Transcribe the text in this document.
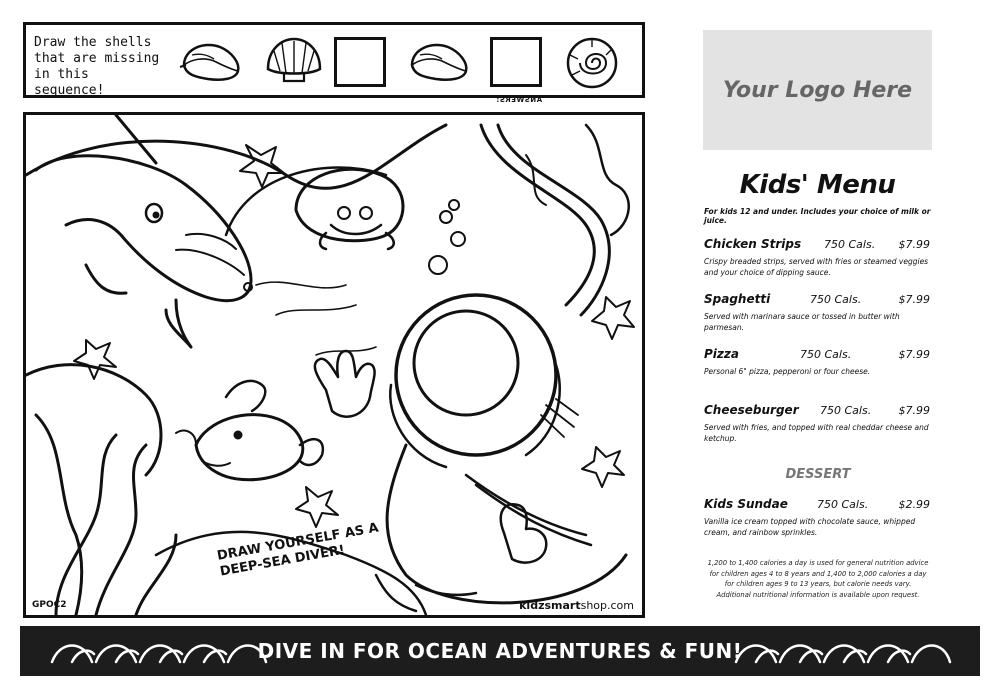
Draw the shells
that are missing
in this sequence!
ANSWERS:
DRAW YOURSELF AS A
DEEP-SEA DIVER!
GPOC2	kidzsmartshop.com
Your Logo Here
Kids' Menu
For kids 12 and under. Includes your choice of milk or juice.
Chicken Strips 750 Cals. $7.99
Crispy breaded strips, served with fries or steamed veggies and your choice of dipping sauce.
Spaghetti	750 Cals.	$7.99
Served with marinara sauce or tossed in butter with parmesan.
Pizza	750 Cals.	$7.99
Personal 6" pizza, pepperoni or four cheese.
Cheeseburger 750 Cals. $7.99
Served with fries, and topped with real cheddar cheese and ketchup.
DESSERT
Kids Sundae	750 Cals.	$2.99
Vanilla ice cream topped with chocolate sauce, whipped cream, and rainbow sprinkles.
1,200 to 1,400 calories a day is used for general nutrition advice
for children ages 4 to 8 years and 1,400 to 2,000 calories a day
for children ages 9 to 13 years, but calorie needs vary.
Additional nutritional information is available upon request.
DIVE IN FOR OCEAN ADVENTURES & FUN!
